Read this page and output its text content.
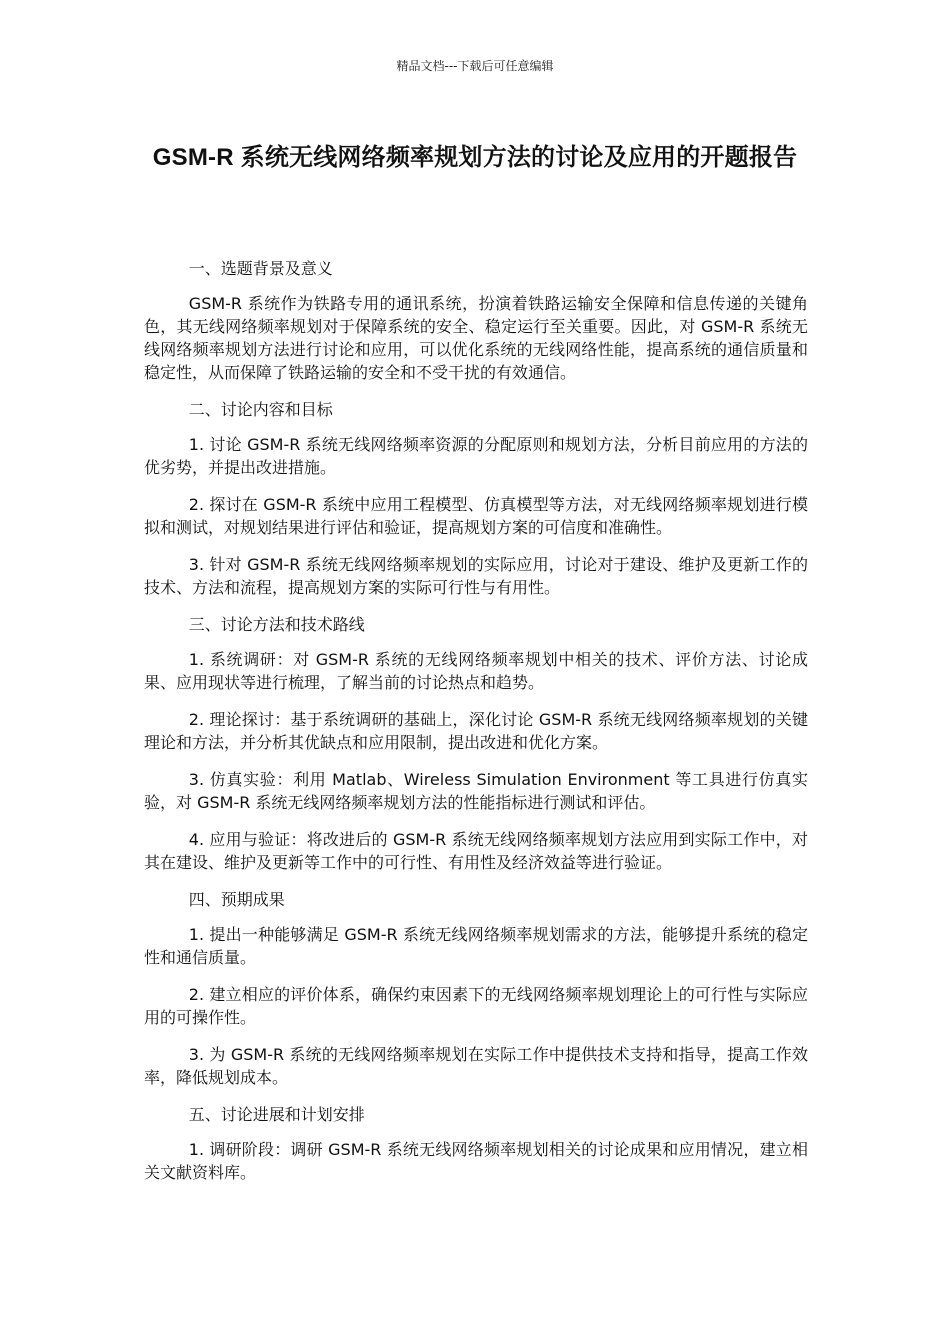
精品文档---下载后可任意编辑
GSM-R 系统无线网络频率规划方法的讨论及应用的开题报告

一、选题背景及意义

GSM-R 系统作为铁路专用的通讯系统，扮演着铁路运输安全保障和信息传递的关键角色，其无线网络频率规划对于保障系统的安全、稳定运行至关重要。因此，对 GSM-R 系统无线网络频率规划方法进行讨论和应用，可以优化系统的无线网络性能，提高系统的通信质量和稳定性，从而保障了铁路运输的安全和不受干扰的有效通信。

二、讨论内容和目标

1. 讨论 GSM-R 系统无线网络频率资源的分配原则和规划方法，分析目前应用的方法的优劣势，并提出改进措施。

2. 探讨在 GSM-R 系统中应用工程模型、仿真模型等方法，对无线网络频率规划进行模拟和测试，对规划结果进行评估和验证，提高规划方案的可信度和准确性。

3. 针对 GSM-R 系统无线网络频率规划的实际应用，讨论对于建设、维护及更新工作的技术、方法和流程，提高规划方案的实际可行性与有用性。

三、讨论方法和技术路线

1. 系统调研：对 GSM-R 系统的无线网络频率规划中相关的技术、评价方法、讨论成果、应用现状等进行梳理，了解当前的讨论热点和趋势。

2. 理论探讨：基于系统调研的基础上，深化讨论 GSM-R 系统无线网络频率规划的关键理论和方法，并分析其优缺点和应用限制，提出改进和优化方案。

3. 仿真实验：利用 Matlab、Wireless Simulation Environment 等工具进行仿真实验，对 GSM-R 系统无线网络频率规划方法的性能指标进行测试和评估。

4. 应用与验证：将改进后的 GSM-R 系统无线网络频率规划方法应用到实际工作中，对其在建设、维护及更新等工作中的可行性、有用性及经济效益等进行验证。

四、预期成果

1. 提出一种能够满足 GSM-R 系统无线网络频率规划需求的方法，能够提升系统的稳定性和通信质量。

2. 建立相应的评价体系，确保约束因素下的无线网络频率规划理论上的可行性与实际应用的可操作性。

3. 为 GSM-R 系统的无线网络频率规划在实际工作中提供技术支持和指导，提高工作效率，降低规划成本。

五、讨论进展和计划安排

1. 调研阶段：调研 GSM-R 系统无线网络频率规划相关的讨论成果和应用情况，建立相关文献资料库。
